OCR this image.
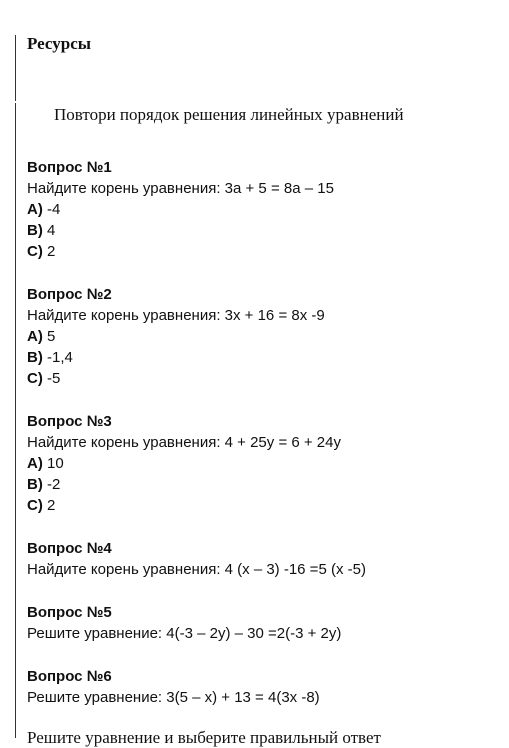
Ресурсы
Повтори порядок решения линейных уравнений
Вопрос №1
Найдите корень уравнения: 3а + 5 = 8а – 15
A) -4
B) 4
C) 2
Вопрос №2
Найдите корень уравнения: 3х + 16 = 8х -9
A) 5
B) -1,4
C) -5
Вопрос №3
Найдите корень уравнения: 4 + 25у = 6 + 24у
A) 10
B) -2
C) 2
Вопрос №4
Найдите корень уравнения: 4 (х – 3) -16 =5 (х -5)
Вопрос №5
Решите уравнение: 4(-3 – 2у) – 30 =2(-3 + 2у)
Вопрос №6
Решите уравнение: 3(5 – х) + 13 = 4(3х -8)
Решите уравнение и выберите правильный ответ
